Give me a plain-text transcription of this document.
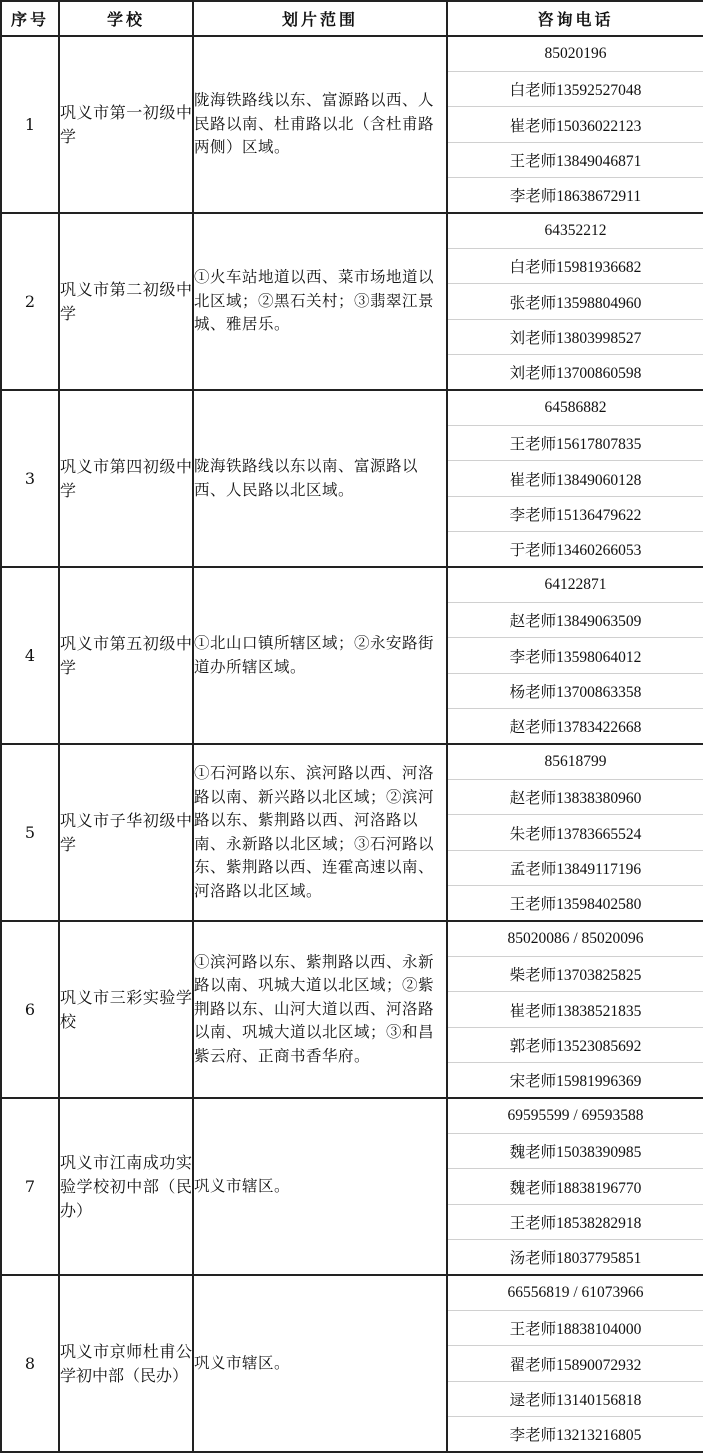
序号	学校	划片范围	咨询电话
1	巩义市第一初级中学	陇海铁路线以东、富源路以西、人民路以南、杜甫路以北（含杜甫路两侧）区域。	85020196
白老师13592527048
崔老师15036022123
王老师13849046871
李老师18638672911

2	巩义市第二初级中学	①火车站地道以西、菜市场地道以北区域；②黑石关村；③翡翠江景城、雅居乐。	64352212
白老师15981936682
张老师13598804960
刘老师13803998527
刘老师13700860598

3	巩义市第四初级中学	陇海铁路线以东以南、富源路以西、人民路以北区域。	64586882
王老师15617807835
崔老师13849060128
李老师15136479622
于老师13460266053

4	巩义市第五初级中学	①北山口镇所辖区域；②永安路街道办所辖区域。	64122871
赵老师13849063509
李老师13598064012
杨老师13700863358
赵老师13783422668

5	巩义市子华初级中学	①石河路以东、滨河路以西、河洛路以南、新兴路以北区域；②滨河路以东、紫荆路以西、河洛路以南、永新路以北区域；③石河路以东、紫荆路以西、连霍高速以南、河洛路以北区域。	85618799
赵老师13838380960
朱老师13783665524
孟老师13849117196
王老师13598402580

6	巩义市三彩实验学校	①滨河路以东、紫荆路以西、永新路以南、巩城大道以北区域；②紫荆路以东、山河大道以西、河洛路以南、巩城大道以北区域；③和昌紫云府、正商书香华府。	85020086 / 85020096
柴老师13703825825
崔老师13838521835
郭老师13523085692
宋老师15981996369

7	巩义市江南成功实验学校初中部（民办）	巩义市辖区。	69595599 / 69593588
魏老师15038390985
魏老师18838196770
王老师18538282918
汤老师18037795851

8	巩义市京师杜甫公学初中部（民办）	巩义市辖区。	66556819 / 61073966
王老师18838104000
翟老师15890072932
逯老师13140156818
李老师13213216805
